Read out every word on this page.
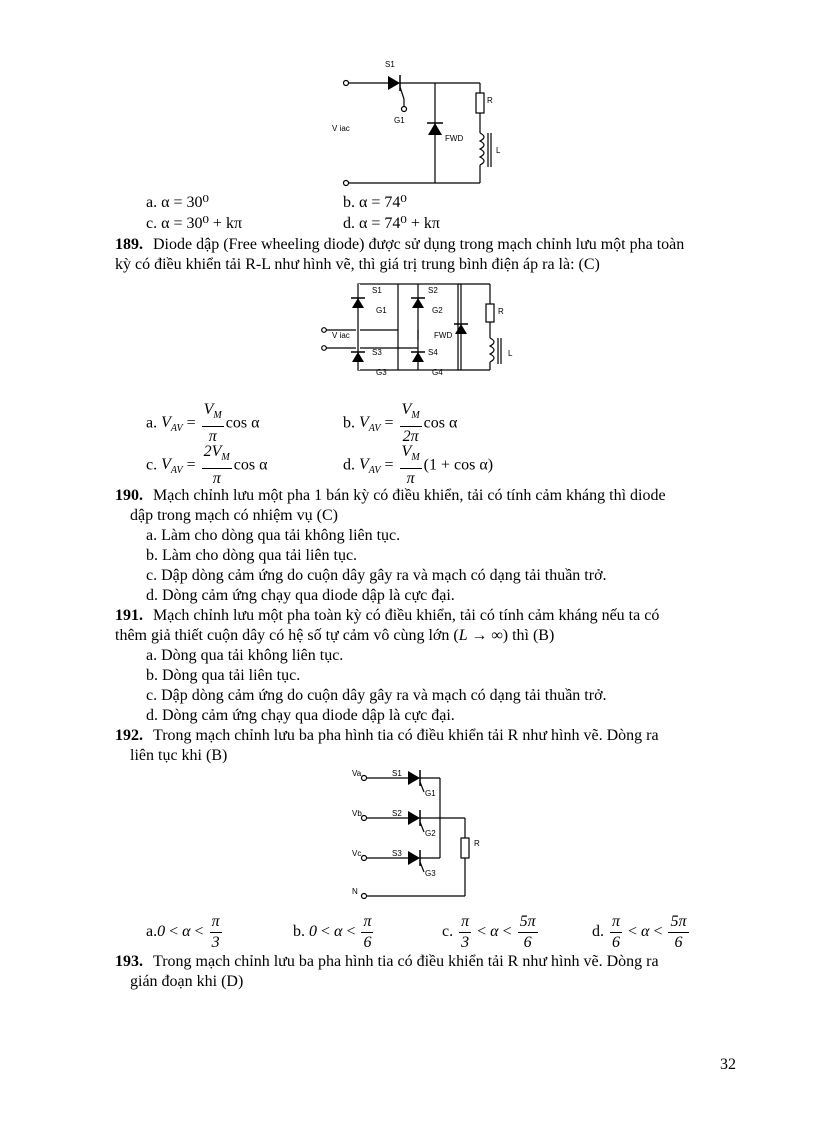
S1
G1
R
L
FWD
V iac
a. α = 30⁰	b. α = 74⁰
c. α = 30⁰ + kπ	d. α = 74⁰ + kπ
189. Diode dập (Free wheeling diode) được sử dụng trong mạch chỉnh lưu một pha toàn
kỳ có điều khiển tải R-L như hình vẽ, thì giá trị trung bình điện áp ra là: (C)
S1	S2
G1	G2
S3	S4
G3	G4
R
L
FWD
V iac
a. $V_{AV} = \frac{V_M}{\pi}$ cos α	b. $V_{AV} = \frac{V_M}{2\pi}$ cos α
c. $V_{AV} = \frac{2V_M}{\pi}$ cos α	d. $V_{AV} = \frac{V_M}{\pi} (1 + \cos \alpha)$
190. Mạch chỉnh lưu một pha 1 bán kỳ có điều khiển, tải có tính cảm kháng thì diode
dập trong mạch có nhiệm vụ (C)
a. Làm cho dòng qua tải không liên tục.
b. Làm cho dòng qua tải liên tục.
c. Dập dòng cảm ứng do cuộn dây gây ra và mạch có dạng tải thuần trở.
d. Dòng cảm ứng chạy qua diode dập là cực đại.
191. Mạch chỉnh lưu một pha toàn kỳ có điều khiển, tải có tính cảm kháng nếu ta có
thêm giả thiết cuộn dây có hệ số tự cảm vô cùng lớn (L → ∞) thì (B)
a. Dòng qua tải không liên tục.
b. Dòng qua tải liên tục.
c. Dập dòng cảm ứng do cuộn dây gây ra và mạch có dạng tải thuần trở.
d. Dòng cảm ứng chạy qua diode dập là cực đại.
192. Trong mạch chỉnh lưu ba pha hình tia có điều khiển tải R như hình vẽ. Dòng ra
liên tục khi (B)
Va
Vb
Vc
N
S1
S2
S3
G1
G2
G3
R
$a.0 < \alpha < \frac{\pi}{3}$	b. $0 < \alpha < \frac{\pi}{6}$	c. $\frac{\pi}{3} < \alpha < \frac{5\pi}{6}$	d. $\frac{\pi}{6} < \alpha < \frac{5\pi}{6}$
193. Trong mạch chỉnh lưu ba pha hình tia có điều khiển tải R như hình vẽ. Dòng ra
gián đoạn khi (D)
32
